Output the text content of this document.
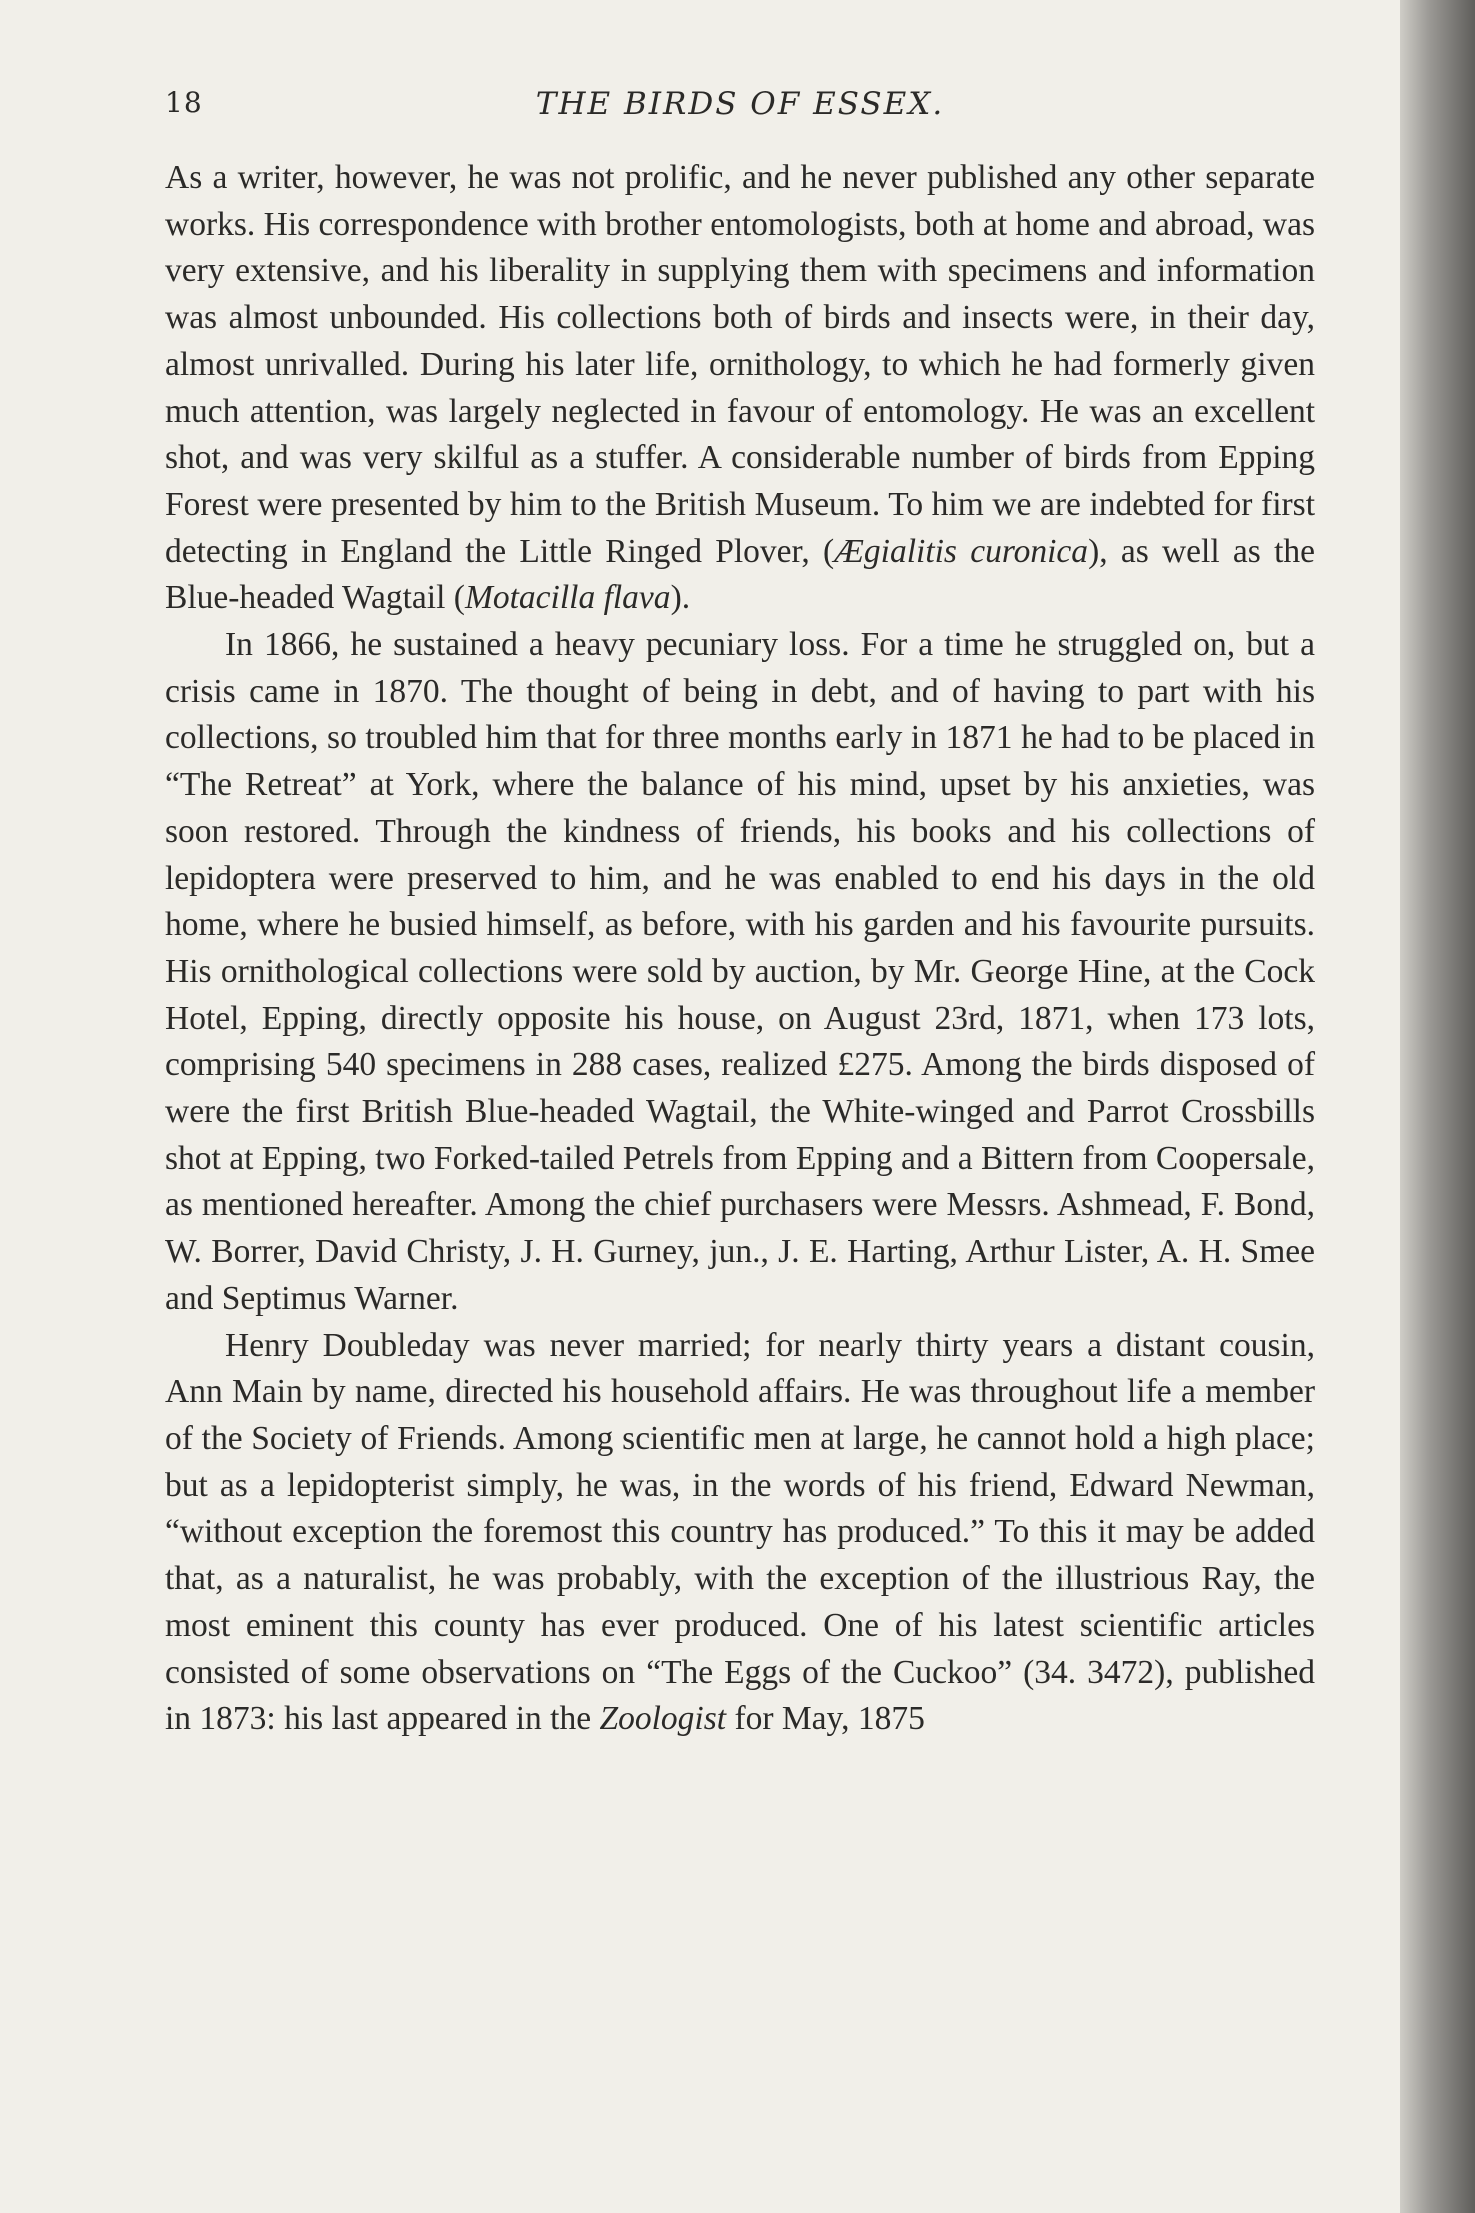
18	THE BIRDS OF ESSEX.

As a writer, however, he was not prolific, and he never published any other separate works. His correspondence with brother entomologists, both at home and abroad, was very extensive, and his liberality in supplying them with specimens and information was almost unbounded. His collections both of birds and insects were, in their day, almost unrivalled. During his later life, ornithology, to which he had formerly given much attention, was largely neglected in favour of entomology. He was an excellent shot, and was very skilful as a stuffer. A considerable number of birds from Epping Forest were presented by him to the British Museum. To him we are indebted for first detecting in England the Little Ringed Plover, (Ægialitis curonica), as well as the Blue-headed Wagtail (Motacilla flava).

In 1866, he sustained a heavy pecuniary loss. For a time he struggled on, but a crisis came in 1870. The thought of being in debt, and of having to part with his collections, so troubled him that for three months early in 1871 he had to be placed in “The Retreat” at York, where the balance of his mind, upset by his anxieties, was soon restored. Through the kindness of friends, his books and his collections of lepidoptera were preserved to him, and he was enabled to end his days in the old home, where he busied himself, as before, with his garden and his favourite pursuits. His ornithological collections were sold by auction, by Mr. George Hine, at the Cock Hotel, Epping, directly opposite his house, on August 23rd, 1871, when 173 lots, comprising 540 specimens in 288 cases, realized £275. Among the birds disposed of were the first British Blue-headed Wagtail, the White-winged and Parrot Crossbills shot at Epping, two Forked-tailed Petrels from Epping and a Bittern from Coopersale, as mentioned hereafter. Among the chief purchasers were Messrs. Ashmead, F. Bond, W. Borrer, David Christy, J. H. Gurney, jun., J. E. Harting, Arthur Lister, A. H. Smee and Septimus Warner.

Henry Doubleday was never married; for nearly thirty years a distant cousin, Ann Main by name, directed his household affairs. He was throughout life a member of the Society of Friends. Among scientific men at large, he cannot hold a high place; but as a lepidopterist simply, he was, in the words of his friend, Edward Newman, “without exception the foremost this country has produced.” To this it may be added that, as a naturalist, he was probably, with the exception of the illustrious Ray, the most eminent this county has ever produced. One of his latest scientific articles consisted of some observations on “The Eggs of the Cuckoo” (34. 3472), published in 1873: his last appeared in the Zoologist for May, 1875
